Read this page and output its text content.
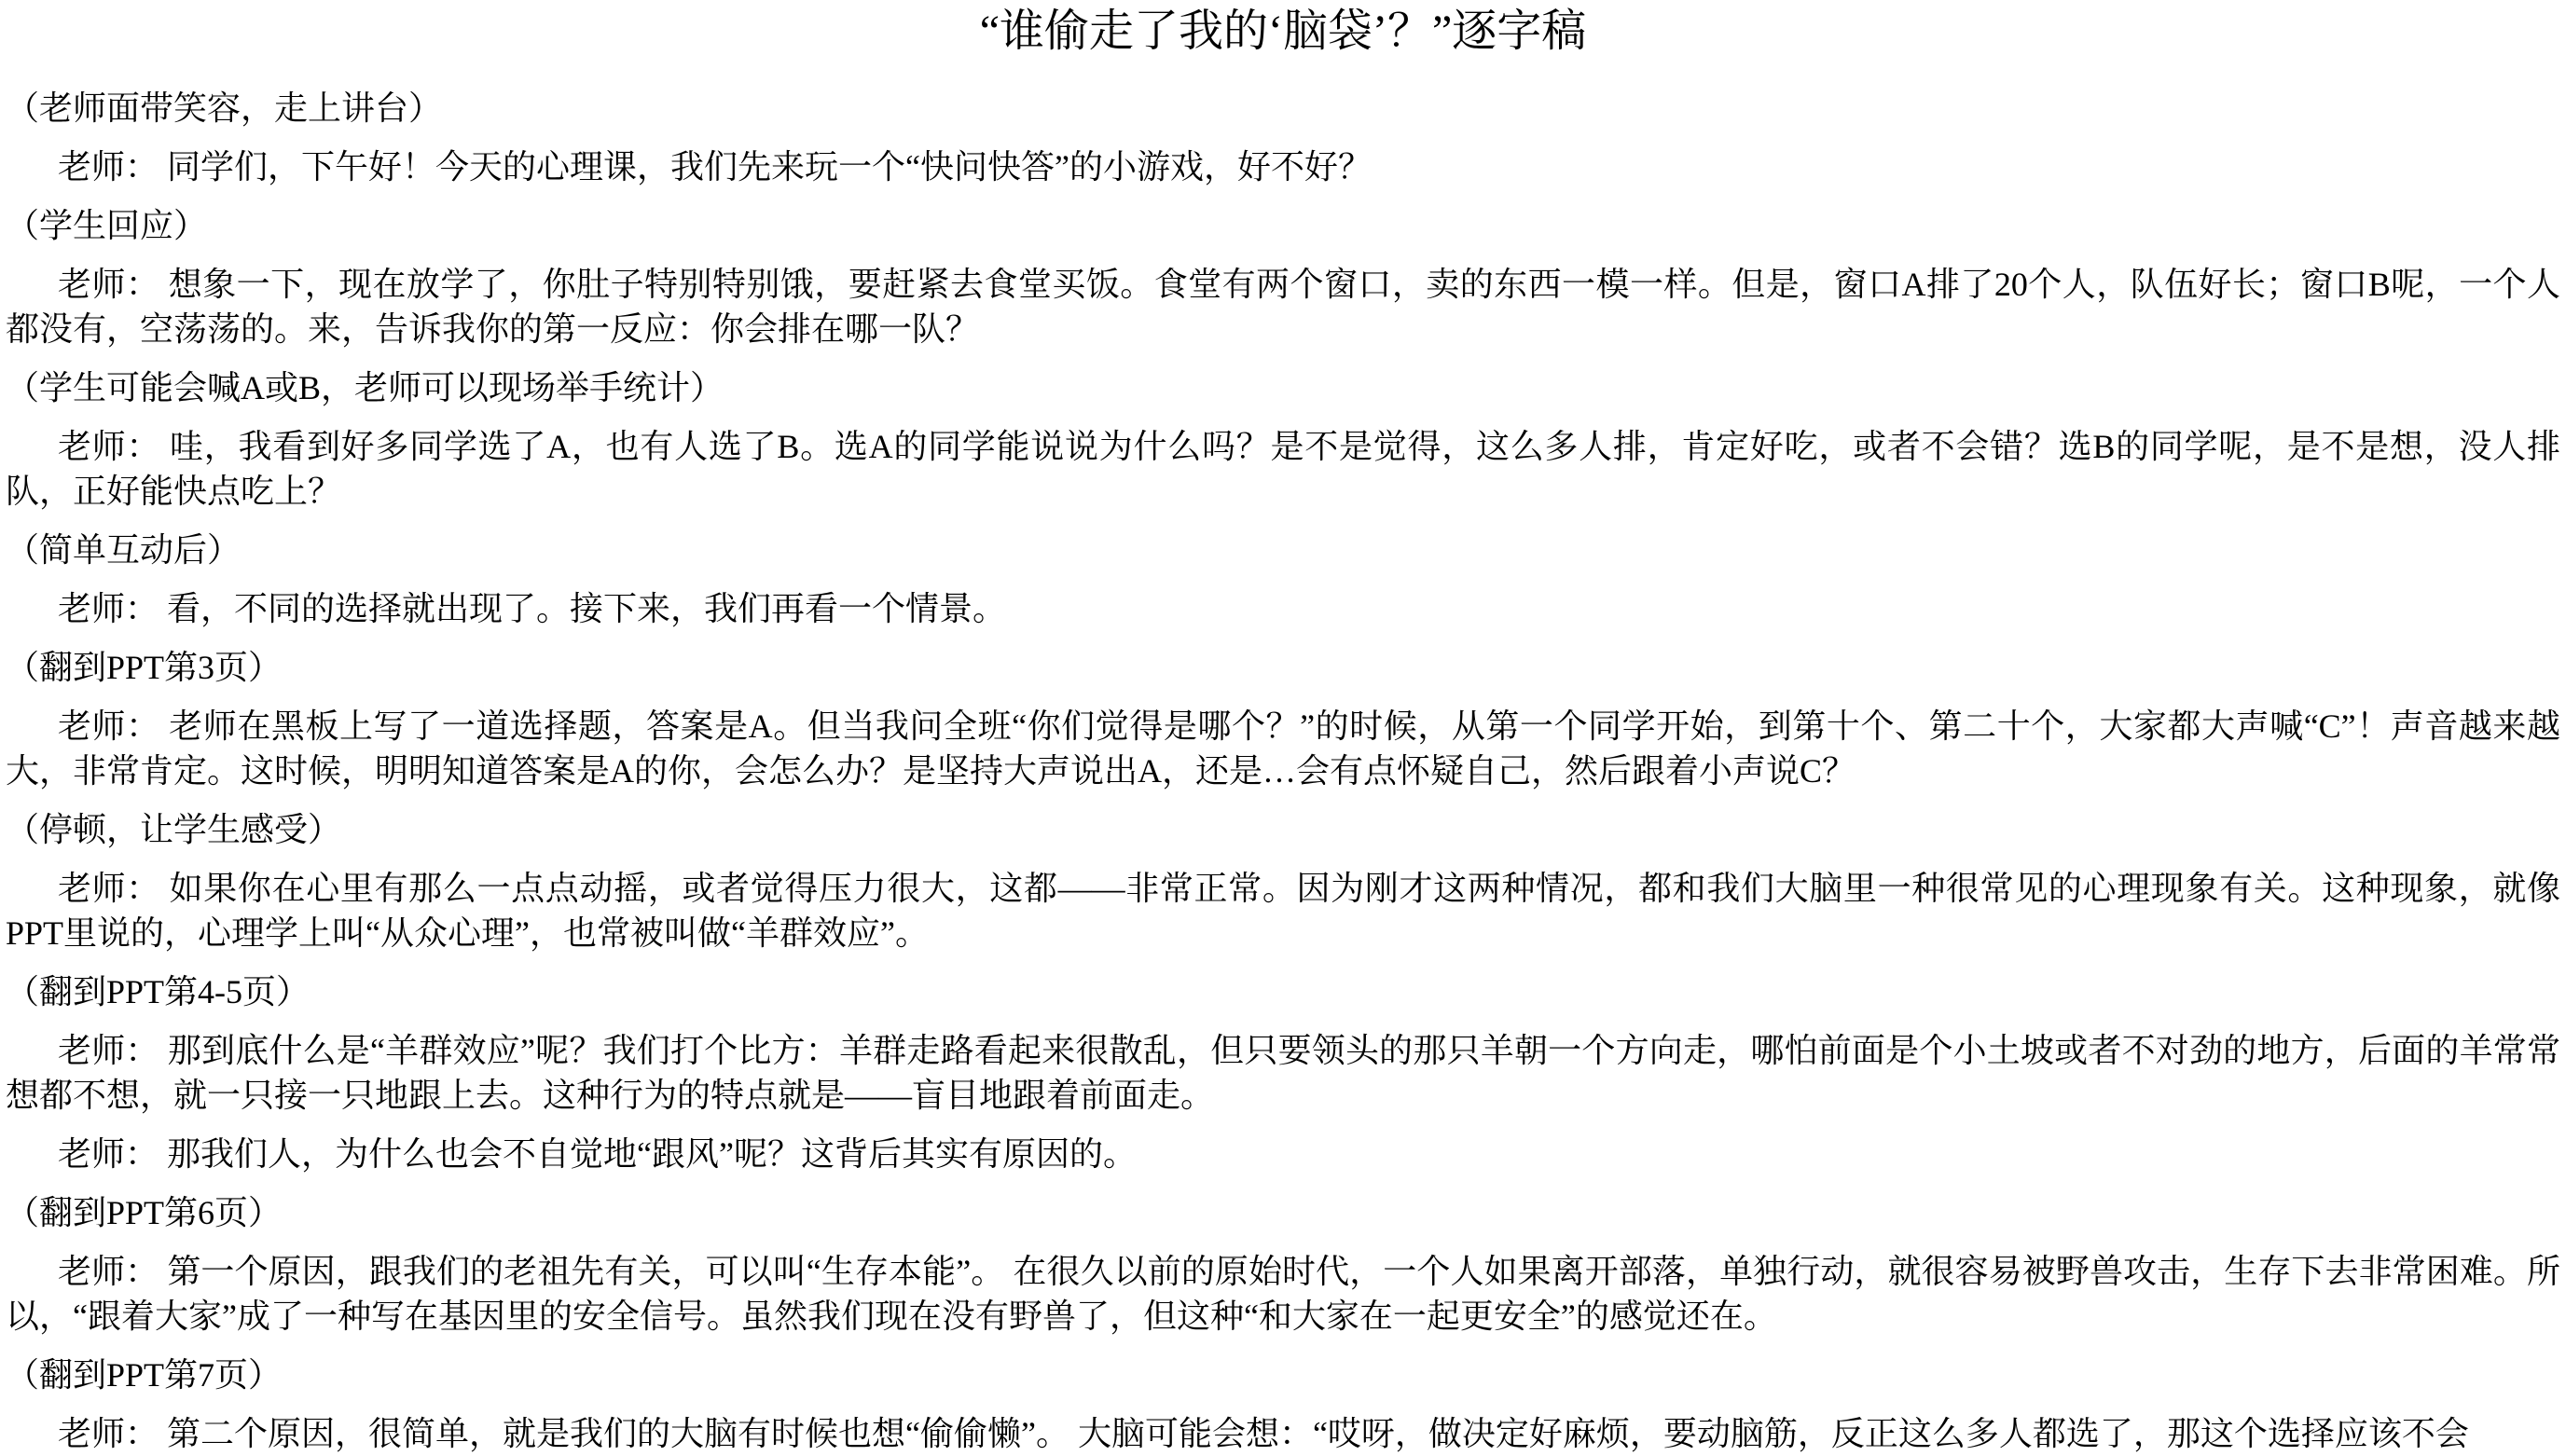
“谁偷走了我的‘脑袋’？”逐字稿

（老师面带笑容，走上讲台）

老师： 同学们，下午好！今天的心理课，我们先来玩一个“快问快答”的小游戏，好不好？

（学生回应）

老师： 想象一下，现在放学了，你肚子特别特别饿，要赶紧去食堂买饭。食堂有两个窗口，卖的东西一模一样。但是，窗口A排了20个人，队伍好长；窗口B呢，一个人都没有，空荡荡的。来，告诉我你的第一反应：你会排在哪一队？

（学生可能会喊A或B，老师可以现场举手统计）

老师： 哇，我看到好多同学选了A，也有人选了B。选A的同学能说说为什么吗？是不是觉得，这么多人排，肯定好吃，或者不会错？选B的同学呢，是不是想，没人排队，正好能快点吃上？

（简单互动后）

老师： 看，不同的选择就出现了。接下来，我们再看一个情景。

（翻到PPT第3页）

老师： 老师在黑板上写了一道选择题，答案是A。但当我问全班“你们觉得是哪个？”的时候，从第一个同学开始，到第十个、第二十个，大家都大声喊“C”！声音越来越大，非常肯定。这时候，明明知道答案是A的你，会怎么办？是坚持大声说出A，还是…会有点怀疑自己，然后跟着小声说C？

（停顿，让学生感受）

老师： 如果你在心里有那么一点点动摇，或者觉得压力很大，这都——非常正常。因为刚才这两种情况，都和我们大脑里一种很常见的心理现象有关。这种现象，就像PPT里说的，心理学上叫“从众心理”，也常被叫做“羊群效应”。

（翻到PPT第4-5页）

老师： 那到底什么是“羊群效应”呢？我们打个比方：羊群走路看起来很散乱，但只要领头的那只羊朝一个方向走，哪怕前面是个小土坡或者不对劲的地方，后面的羊常常想都不想，就一只接一只地跟上去。这种行为的特点就是——盲目地跟着前面走。

老师： 那我们人，为什么也会不自觉地“跟风”呢？这背后其实有原因的。

（翻到PPT第6页）

老师： 第一个原因，跟我们的老祖先有关，可以叫“生存本能”。 在很久以前的原始时代，一个人如果离开部落，单独行动，就很容易被野兽攻击，生存下去非常困难。所以，“跟着大家”成了一种写在基因里的安全信号。虽然我们现在没有野兽了，但这种“和大家在一起更安全”的感觉还在。

（翻到PPT第7页）

老师： 第二个原因，很简单，就是我们的大脑有时候也想“偷偷懒”。 大脑可能会想：“哎呀，做决定好麻烦，要动脑筋，反正这么多人都选了，那这个选择应该不会
